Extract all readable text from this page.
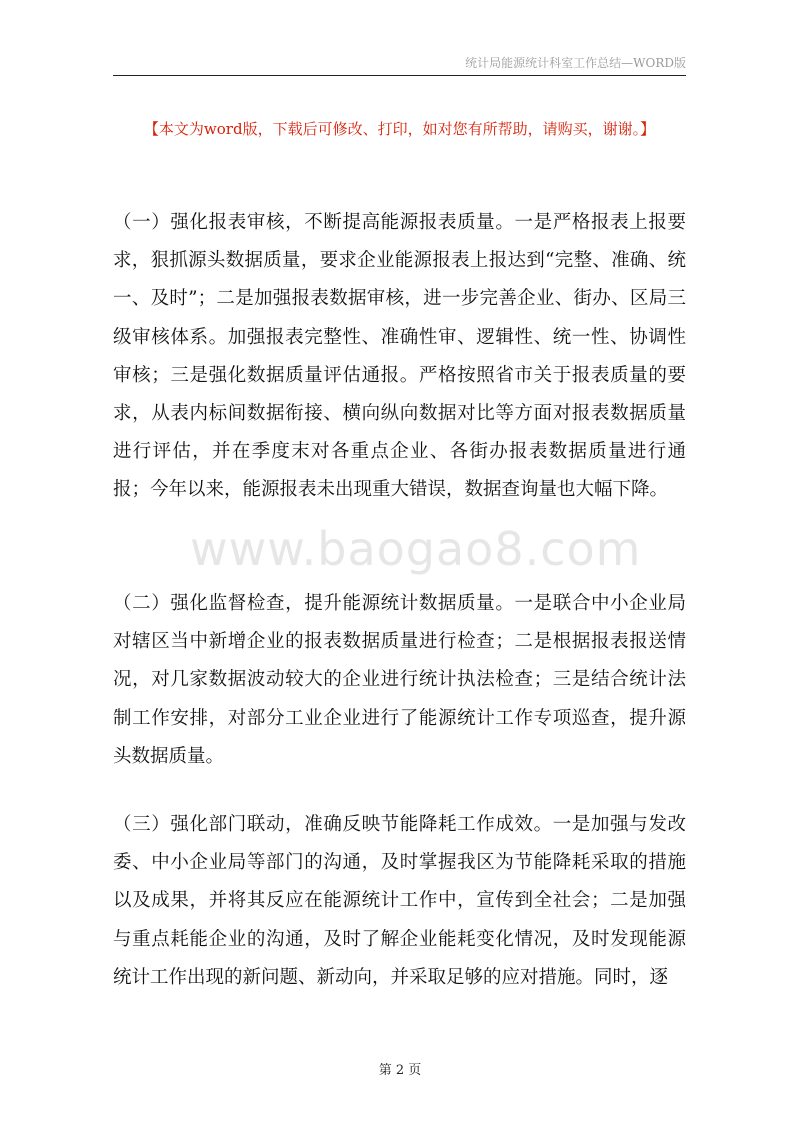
统计局能源统计科室工作总结—WORD版
【本文为word版，下载后可修改、打印，如对您有所帮助，请购买，谢谢。】

（一）强化报表审核，不断提高能源报表质量。一是严格报表上报要求，狠抓源头数据质量，要求企业能源报表上报达到“完整、准确、统一、及时”；二是加强报表数据审核，进一步完善企业、街办、区局三级审核体系。加强报表完整性、准确性审、逻辑性、统一性、协调性审核；三是强化数据质量评估通报。严格按照省市关于报表质量的要求，从表内标间数据衔接、横向纵向数据对比等方面对报表数据质量进行评估，并在季度末对各重点企业、各街办报表数据质量进行通报；今年以来，能源报表未出现重大错误，数据查询量也大幅下降。

www.baogao8.com

（二）强化监督检查，提升能源统计数据质量。一是联合中小企业局对辖区当中新增企业的报表数据质量进行检查；二是根据报表报送情况，对几家数据波动较大的企业进行统计执法检查；三是结合统计法制工作安排，对部分工业企业进行了能源统计工作专项巡查，提升源头数据质量。

（三）强化部门联动，准确反映节能降耗工作成效。一是加强与发改委、中小企业局等部门的沟通，及时掌握我区为节能降耗采取的措施以及成果，并将其反应在能源统计工作中，宣传到全社会；二是加强与重点耗能企业的沟通，及时了解企业能耗变化情况，及时发现能源统计工作出现的新问题、新动向，并采取足够的应对措施。同时，逐

第 2 页
